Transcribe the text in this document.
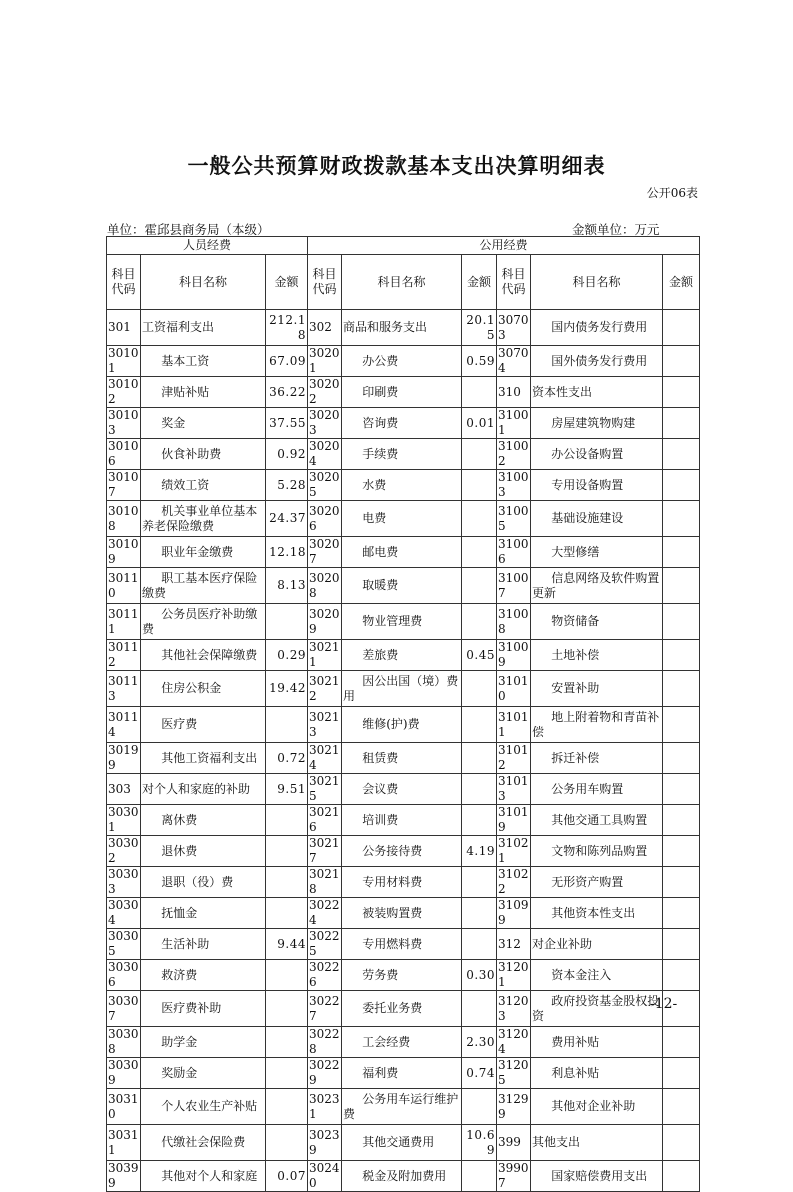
一般公共预算财政拨款基本支出决算明细表
公开06表
单位：霍邱县商务局（本级）	金额单位：万元
人员经费			公用经费					
科目代码	科目名称	金额	科目代码	科目名称	金额	科目代码	科目名称	金额
301	工资福利支出	212.18	302	商品和服务支出	20.15	30703	国内债务发行费用	
30101	基本工资	67.09	30201	办公费	0.59	30704	国外债务发行费用	
30102	津贴补贴	36.22	30202	印刷费		310	资本性支出	
30103	奖金	37.55	30203	咨询费	0.01	31001	房屋建筑物购建	
30106	伙食补助费	0.92	30204	手续费		31002	办公设备购置	
30107	绩效工资	5.28	30205	水费		31003	专用设备购置	
30108	机关事业单位基本养老保险缴费	24.37	30206	电费		31005	基础设施建设	
30109	职业年金缴费	12.18	30207	邮电费		31006	大型修缮	
30110	职工基本医疗保险缴费	8.13	30208	取暖费		31007	信息网络及软件购置更新	
30111	公务员医疗补助缴费		30209	物业管理费		31008	物资储备	
30112	其他社会保障缴费	0.29	30211	差旅费	0.45	31009	土地补偿	
30113	住房公积金	19.42	30212	因公出国（境）费用		31010	安置补助	
30114	医疗费		30213	维修(护)费		31011	地上附着物和青苗补偿	
30199	其他工资福利支出	0.72	30214	租赁费		31012	拆迁补偿	
303	对个人和家庭的补助	9.51	30215	会议费		31013	公务用车购置	
30301	离休费		30216	培训费		31019	其他交通工具购置	
30302	退休费		30217	公务接待费	4.19	31021	文物和陈列品购置	
30303	退职（役）费		30218	专用材料费		31022	无形资产购置	
30304	抚恤金		30224	被装购置费		31099	其他资本性支出	
30305	生活补助	9.44	30225	专用燃料费		312	对企业补助	
30306	救济费		30226	劳务费	0.30	31201	资本金注入	
30307	医疗费补助		30227	委托业务费		31203	政府投资基金股权投资	
30308	助学金		30228	工会经费	2.30	31204	费用补贴	
30309	奖励金		30229	福利费	0.74	31205	利息补贴	
30310	个人农业生产补贴		30231	公务用车运行维护费		31299	其他对企业补助	
30311	代缴社会保险费		30239	其他交通费用	10.69	399	其他支出	
30399	其他对个人和家庭	0.07	30240	税金及附加费用		39907	国家赔偿费用支出	
-12-
